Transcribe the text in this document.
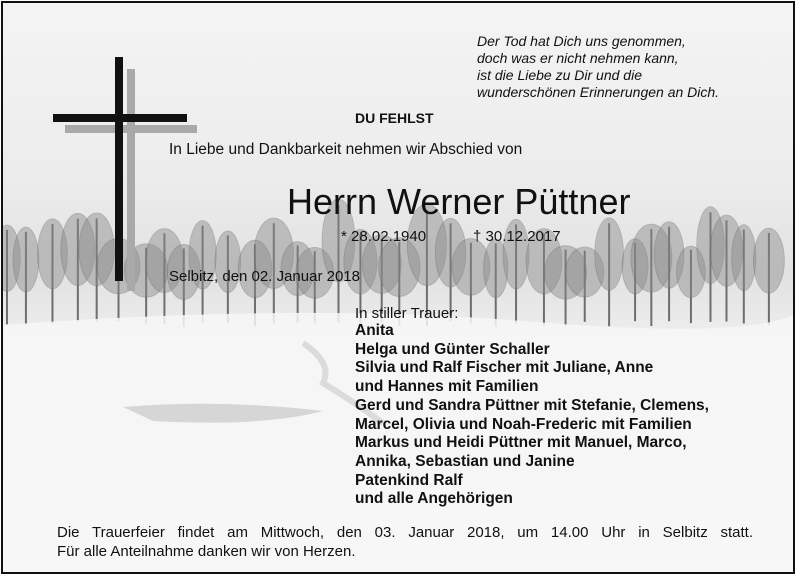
Der Tod hat Dich uns genommen,
doch was er nicht nehmen kann,
ist die Liebe zu Dir und die
wunderschönen Erinnerungen an Dich.
DU FEHLST
In Liebe und Dankbarkeit nehmen wir Abschied von
Herrn Werner Püttner
* 28.02.1940	† 30.12.2017
Selbitz, den 02. Januar 2018
In stiller Trauer:
Anita
Helga und Günter Schaller
Silvia und Ralf Fischer mit Juliane, Anne
und Hannes mit Familien
Gerd und Sandra Püttner mit Stefanie, Clemens,
Marcel, Olivia und Noah-Frederic mit Familien
Markus und Heidi Püttner mit Manuel, Marco,
Annika, Sebastian und Janine
Patenkind Ralf
und alle Angehörigen
Die Trauerfeier findet am Mittwoch, den 03. Januar 2018, um 14.00 Uhr in Selbitz statt.
Für alle Anteilnahme danken wir von Herzen.
